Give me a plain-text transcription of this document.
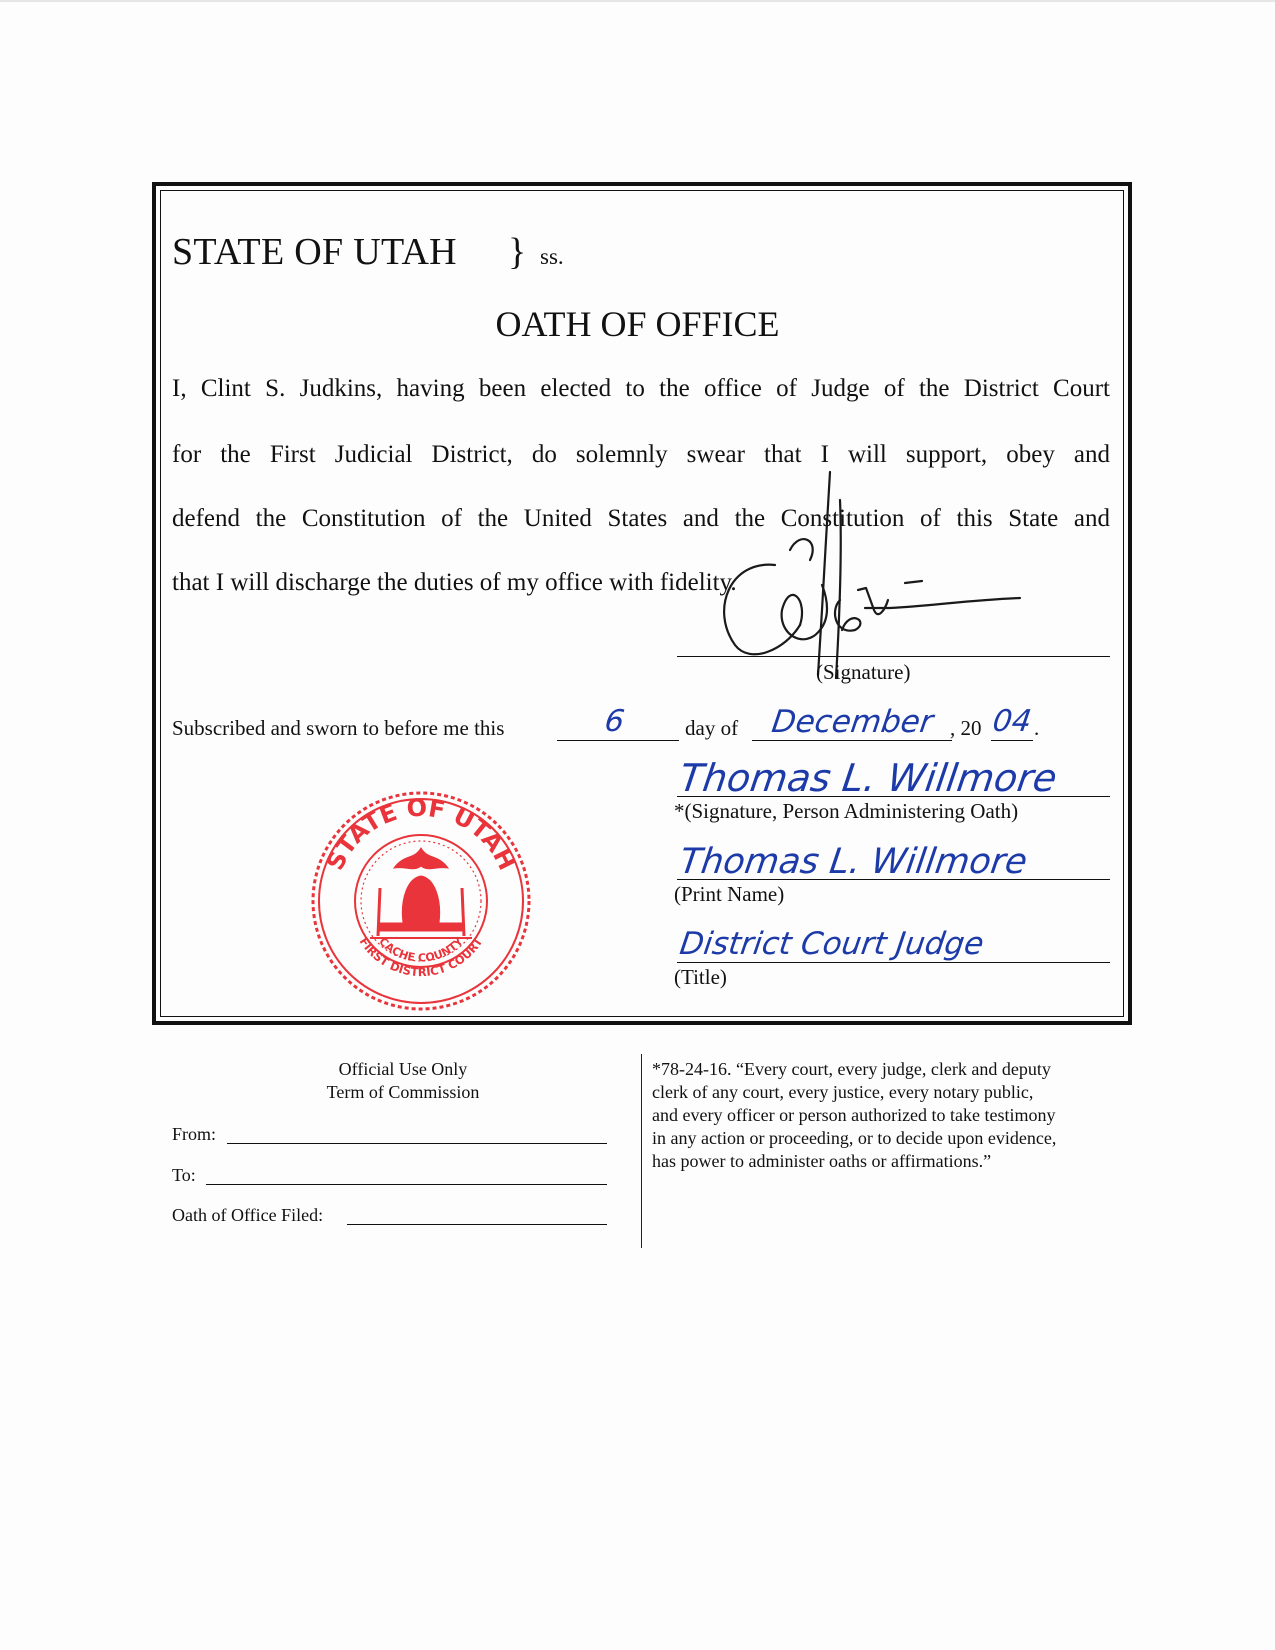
STATE OF UTAH } ss.
OATH OF OFFICE
I, Clint S. Judkins, having been elected to the office of Judge of the District Court
for the First Judicial District, do solemnly swear that I will support, obey and
defend the Constitution of the United States and the Constitution of this State and
that I will discharge the duties of my office with fidelity.
(Signature)
Subscribed and sworn to before me this	6	day of December , 20 04 .
Thomas L. Willmore
*(Signature, Person Administering Oath)
Thomas L. Willmore
(Print Name)
District Court Judge
(Title)
STATE OF UTAH
FIRST DISTRICT COURT
CACHE COUNTY
Official Use Only
Term of Commission
From:
To:
Oath of Office Filed:
*78-24-16. “Every court, every judge, clerk and deputy
clerk of any court, every justice, every notary public,
and every officer or person authorized to take testimony
in any action or proceeding, or to decide upon evidence,
has power to administer oaths or affirmations.”
